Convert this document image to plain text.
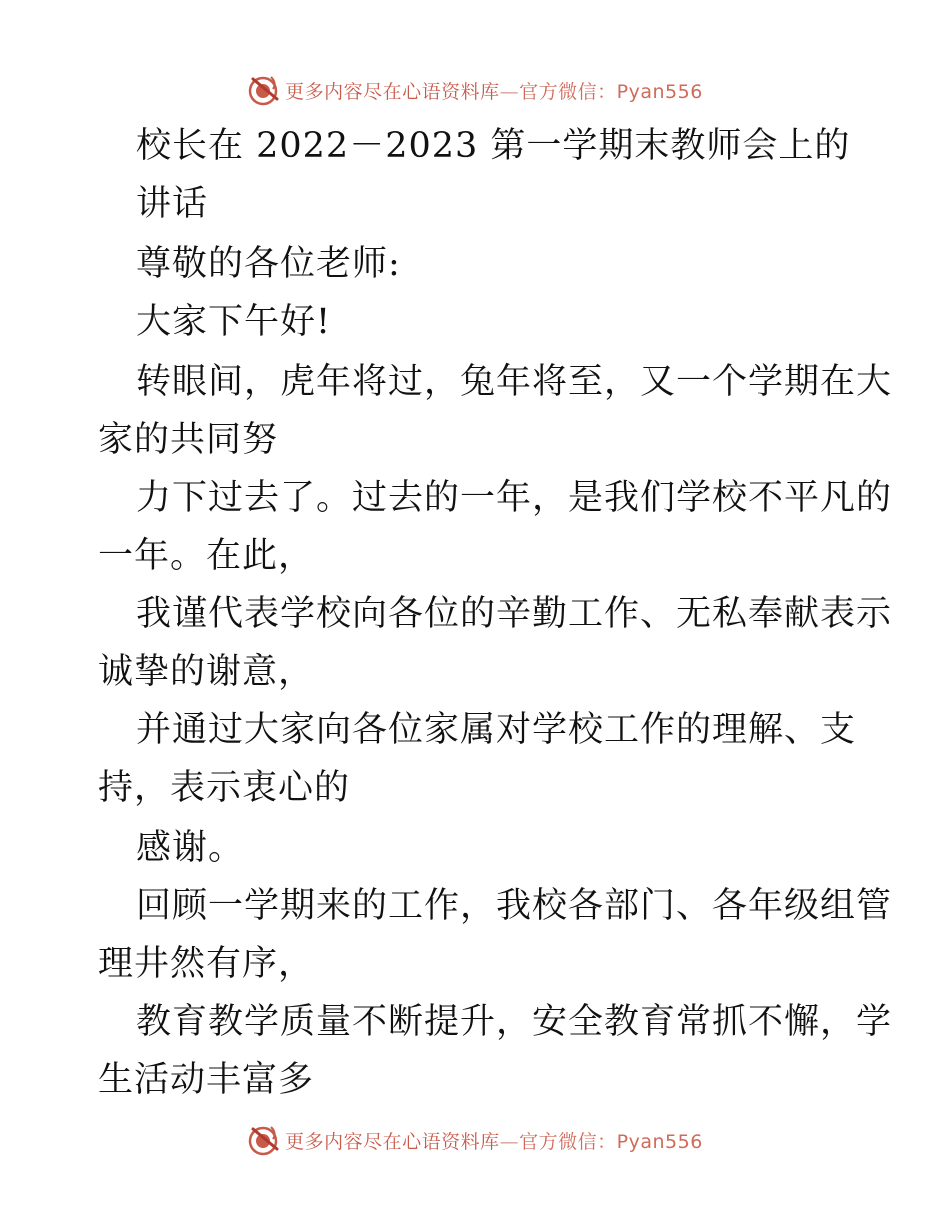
更多内容尽在心语资料库—官方微信：Pyan556
校长在 2022－2023 第一学期末教师会上的
讲话
尊敬的各位老师:
大家下午好!
转眼间，虎年将过，兔年将至，又一个学期在大
家的共同努
力下过去了。过去的一年，是我们学校不平凡的
一年。在此，
我谨代表学校向各位的辛勤工作、无私奉献表示
诚挚的谢意，
并通过大家向各位家属对学校工作的理解、支
持，表示衷心的
感谢。
回顾一学期来的工作，我校各部门、各年级组管
理井然有序，
教育教学质量不断提升，安全教育常抓不懈，学
生活动丰富多
更多内容尽在心语资料库—官方微信：Pyan556
